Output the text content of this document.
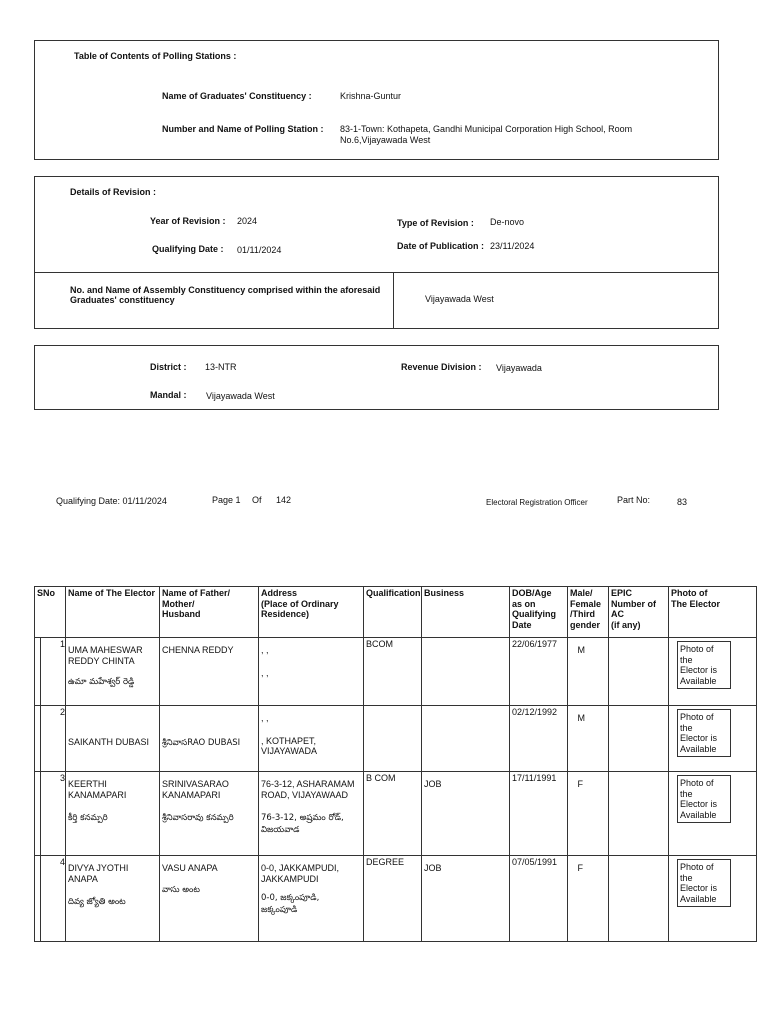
Table of Contents of Polling Stations :
Name of Graduates' Constituency :	Krishna-Guntur
Number and Name of Polling Station : 83-1-Town: Kothapeta, Gandhi Municipal Corporation High School, Room
No.6,Vijayawada West
Details of Revision :
Year of Revision : 2024	Type of Revision : De-novo
Qualifying Date : 01/11/2024	Date of Publication : 23/11/2024
No. and Name of Assembly Constituency comprised within the aforesaid
Graduates' constituency	Vijayawada West
District : 13-NTR	Revenue Division : Vijayawada
Mandal : Vijayawada West
Qualifying Date: 01/11/2024	Page 1 Of 142	Electoral Registration Officer	Part No:	83
SNo	Name of The Elector	Name of Father/
Mother/
Husband	Address
(Place of Ordinary
Residence)	Qualification	Business	DOB/Age
as on
Qualifying
Date	Male/
Female
/Third
gender	EPIC
Number of
AC
(if any)	Photo of
The Elector
1	UMA MAHESWAR
REDDY CHINTA
ఉమా మహేశ్వర్ రెడ్డి	CHENNA REDDY	, ,
, ,	BCOM		22/06/1977	M		Photo of
the
Elector is
Available

2	SAIKANTH DUBASI	శ్రీనివాసRAO DUBASI	, ,
, KOTHAPET,
VIJAYAWADA			02/12/1992	M		Photo of
the
Elector is
Available

3	KEERTHI
KANAMAPARI
కీర్తి కనమ్పరి	SRINIVASARAO
KANAMAPARI
శ్రీనివాసరావు కనమ్పరి	76-3-12, ASHARAMAM
ROAD, VIJAYAWAAD
76-3-12, అష్రమం రోడ్,
విజయవాడ	B COM	JOB	17/11/1991	F		Photo of
the
Elector is
Available

4	DIVYA JYOTHI
ANAPA
దివ్య జ్యోతి అంట	VASU ANAPA
వాసు అంట	0-0, JAKKAMPUDI,
JAKKAMPUDI
0-0, జక్కంపూడి,
జక్కంపూడి	DEGREE	JOB	07/05/1991	F		Photo of
the
Elector is
Available
